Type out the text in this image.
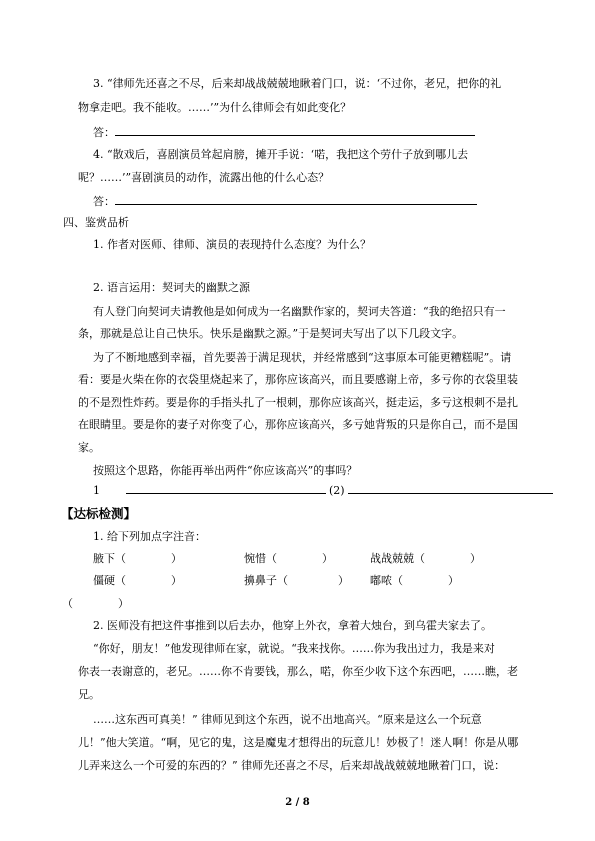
3. “律师先还喜之不尽，后来却战战兢兢地瞅着门口，说：‘不过你，老兄，把你的礼
物拿走吧。我不能收。……’”为什么律师会有如此变化？
答：
4. “散戏后，喜剧演员耸起肩膀，摊开手说：‘喏，我把这个劳什子放到哪儿去
呢？……’”喜剧演员的动作，流露出他的什么心态？
答：
四、鉴赏品析
1. 作者对医师、律师、演员的表现持什么态度？为什么？
2. 语言运用：契诃夫的幽默之源
有人登门向契诃夫请教他是如何成为一名幽默作家的，契诃夫答道：“我的绝招只有一
条，那就是总让自己快乐。快乐是幽默之源。”于是契诃夫写出了以下几段文字。
为了不断地感到幸福，首先要善于满足现状，并经常感到“这事原本可能更糟糕呢”。请
看：要是火柴在你的衣袋里烧起来了，那你应该高兴，而且要感谢上帝，多亏你的衣袋里装
的不是烈性炸药。要是你的手指头扎了一根刺，那你应该高兴，挺走运，多亏这根刺不是扎
在眼睛里。要是你的妻子对你变了心，那你应该高兴，多亏她背叛的只是你自己，而不是国
家。
按照这个思路，你能再举出两件“你应该高兴”的事吗？
1	(2)
【达标检测】
1. 给下列加点字注音：
腋下（	）	惋惜（	）	战战兢兢（	）
僵硬（	）	擤鼻子（	） 嘟哝（	）
（	）
2. 医师没有把这件事推到以后去办，他穿上外衣，拿着大烛台，到乌霍夫家去了。
“你好，朋友！”他发现律师在家，就说。“我来找你。……你为我出过力，我是来对
你表一表谢意的，老兄。……你不肯要钱，那么，喏，你至少收下这个东西吧，……瞧，老
兄。
……这东西可真美！” 律师见到这个东西，说不出地高兴。“原来是这么一个玩意
儿！”他大笑道。“啊，见它的鬼，这是魔鬼才想得出的玩意儿！妙极了！迷人啊！你是从哪
儿弄来这么一个可爱的东西的？” 律师先还喜之不尽，后来却战战兢兢地瞅着门口，说：
2 / 8
